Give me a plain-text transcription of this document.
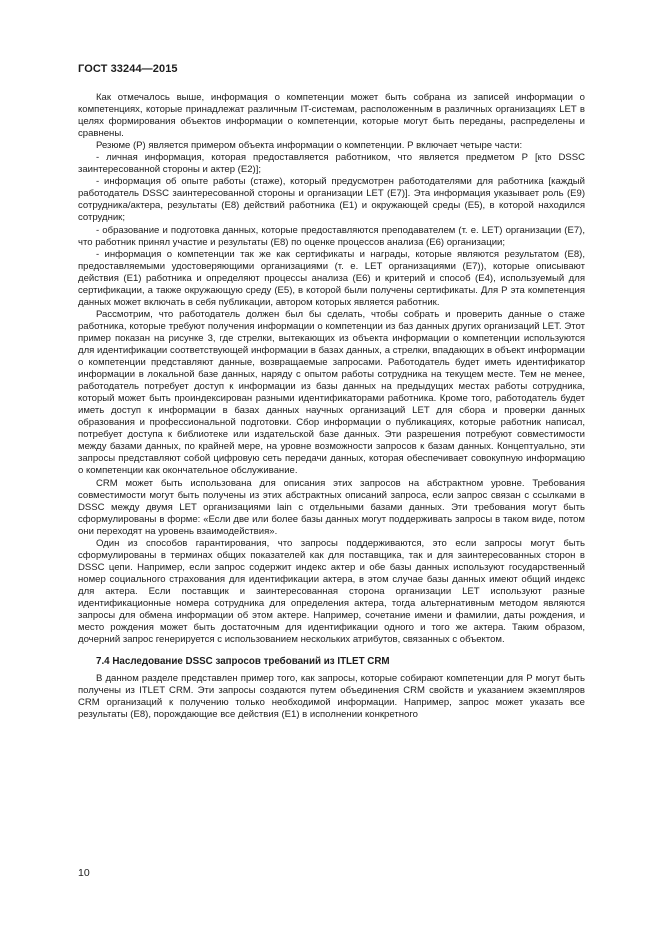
ГОСТ 33244—2015

Как отмечалось выше, информация о компетенции может быть собрана из записей информации о компетенциях, которые принадлежат различным IT-системам, расположенным в различных организациях LET в целях формирования объектов информации о компетенции, которые могут быть переданы, распределены и сравнены.

Резюме (Р) является примером объекта информации о компетенции. Р включает четыре части:

- личная информация, которая предоставляется работником, что является предметом Р [кто DSSC заинтересованной стороны и актер (Е2)];

- информация об опыте работы (стаже), который предусмотрен работодателями для работника [каждый работодатель DSSC заинтересованной стороны и организации LET (Е7)]. Эта информация указывает роль (Е9) сотрудника/актера, результаты (Е8) действий работника (Е1) и окружающей среды (Е5), в которой находился сотрудник;

- образование и подготовка данных, которые предоставляются преподавателем (т. е. LET) организации (Е7), что работник принял участие и результаты (Е8) по оценке процессов анализа (Е6) организации;

- информация о компетенции так же как сертификаты и награды, которые являются результатом (Е8), предоставляемыми удостоверяющими организациями (т. е. LET организациями (Е7)), которые описывают действия (Е1) работника и определяют процессы анализа (Е6) и критерий и способ (Е4), используемый для сертификации, а также окружающую среду (Е5), в которой были получены сертификаты. Для Р эта компетенция данных может включать в себя публикации, автором которых является работник.

Рассмотрим, что работодатель должен был бы сделать, чтобы собрать и проверить данные о стаже работника, которые требуют получения информации о компетенции из баз данных других организаций LET. Этот пример показан на рисунке 3, где стрелки, вытекающих из объекта информации о компетенции используются для идентификации соответствующей информации в базах данных, а стрелки, впадающих в объект информации о компетенции представляют данные, возвращаемые запросами. Работодатель будет иметь идентификатор информации в локальной базе данных, наряду с опытом работы сотрудника на текущем месте. Тем не менее, работодатель потребует доступ к информации из базы данных на предыдущих местах работы сотрудника, который может быть проиндексирован разными идентификаторами работника. Кроме того, работодатель будет иметь доступ к информации в базах данных научных организаций LET для сбора и проверки данных образования и профессиональной подготовки. Сбор информации о публикациях, которые работник написал, потребует доступа к библиотеке или издательской базе данных. Эти разрешения потребуют совместимости между базами данных, по крайней мере, на уровне возможности запросов к базам данных. Концептуально, эти запросы представляют собой цифровую сеть передачи данных, которая обеспечивает совокупную информацию о компетенции как окончательное обслуживание.

CRM может быть использована для описания этих запросов на абстрактном уровне. Требования совместимости могут быть получены из этих абстрактных описаний запроса, если запрос связан с ссылками в DSSC между двумя LET организациями lain с отдельными базами данных. Эти требования могут быть сформулированы в форме: «Если две или более базы данных могут поддерживать запросы в таком виде, потом они переходят на уровень взаимодействия».

Один из способов гарантирования, что запросы поддерживаются, это если запросы могут быть сформулированы в терминах общих показателей как для поставщика, так и для заинтересованных сторон в DSSC цепи. Например, если запрос содержит индекс актер и обе базы данных используют государственный номер социального страхования для идентификации актера, в этом случае базы данных имеют общий индекс для актера. Если поставщик и заинтересованная сторона организации LET используют разные идентификационные номера сотрудника для определения актера, тогда альтернативным методом являются запросы для обмена информации об этом актере. Например, сочетание имени и фамилии, даты рождения, и место рождения может быть достаточным для идентификации одного и того же актера. Таким образом, дочерний запрос генерируется с использованием нескольких атрибутов, связанных с объектом.

7.4 Наследование DSSC запросов требований из ITLET CRM

В данном разделе представлен пример того, как запросы, которые собирают компетенции для Р могут быть получены из ITLET CRM. Эти запросы создаются путем объединения CRM свойств и указанием экземпляров CRM организаций к получению только необходимой информации. Например, запрос может указать все результаты (Е8), порождающие все действия (Е1) в исполнении конкретного

10
